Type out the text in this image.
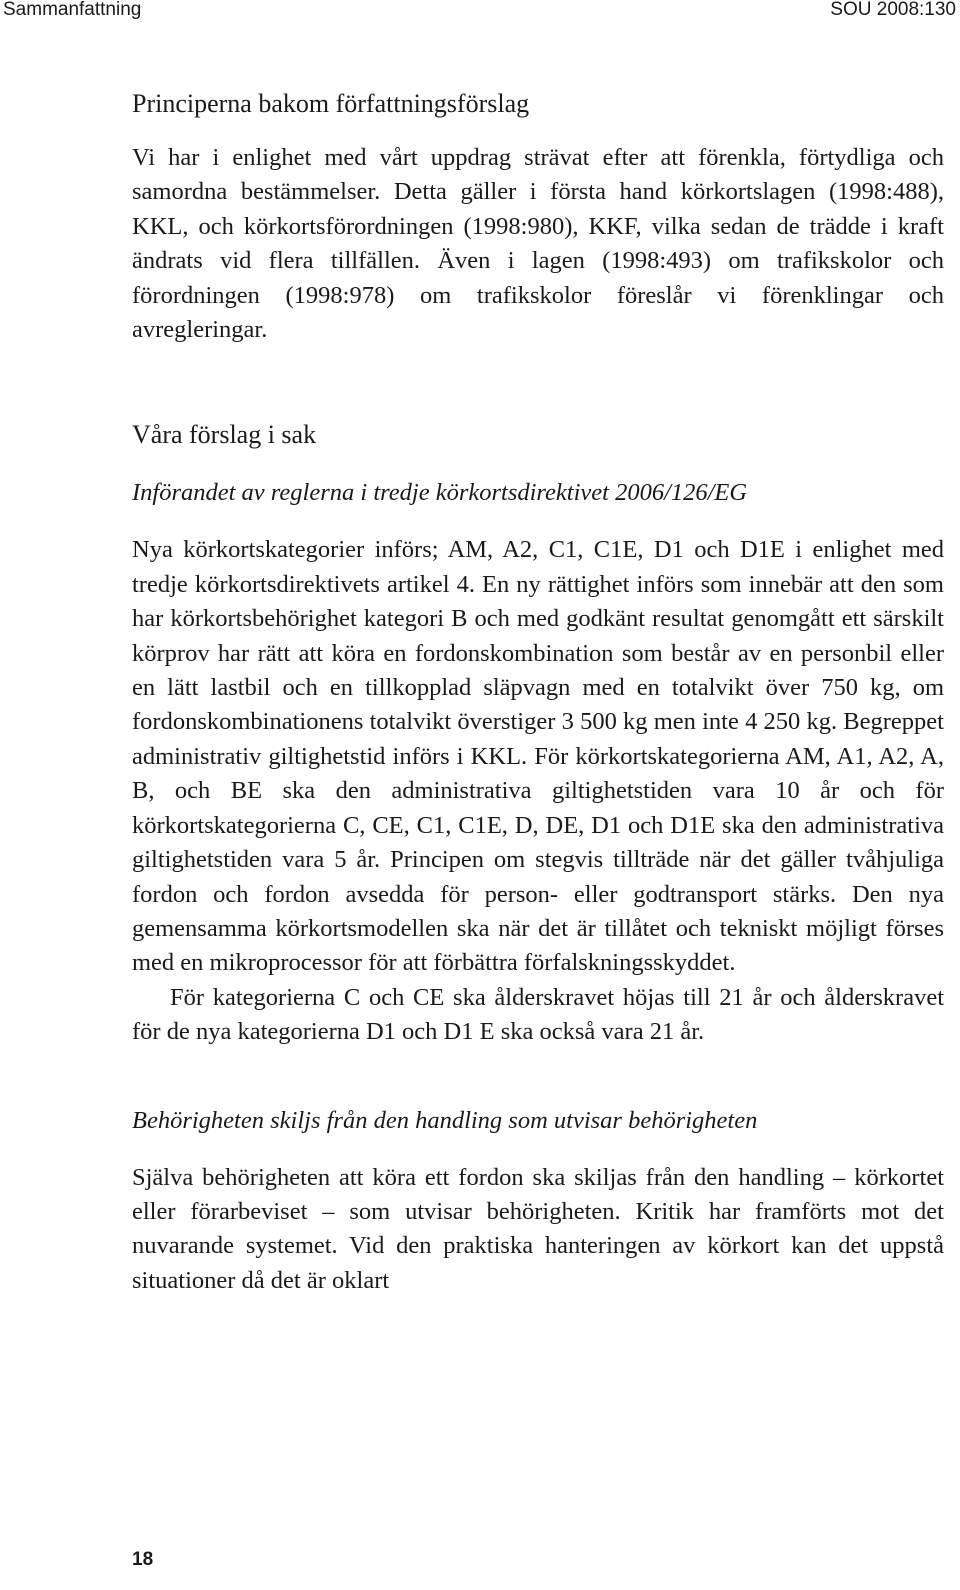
Sammanfattning	SOU 2008:130
Principerna bakom författningsförslag

Vi har i enlighet med vårt uppdrag strävat efter att förenkla, förtydliga och samordna bestämmelser. Detta gäller i första hand körkortslagen (1998:488), KKL, och körkortsförordningen (1998:980), KKF, vilka sedan de trädde i kraft ändrats vid flera tillfällen. Även i lagen (1998:493) om trafikskolor och förordningen (1998:978) om trafikskolor föreslår vi förenklingar och avregleringar.

Våra förslag i sak
Införandet av reglerna i tredje körkortsdirektivet 2006/126/EG

Nya körkortskategorier införs; AM, A2, C1, C1E, D1 och D1E i enlighet med tredje körkortsdirektivets artikel 4. En ny rättighet införs som innebär att den som har körkortsbehörighet kategori B och med godkänt resultat genomgått ett särskilt körprov har rätt att köra en fordonskombination som består av en personbil eller en lätt lastbil och en tillkopplad släpvagn med en totalvikt över 750 kg, om fordonskombinationens totalvikt överstiger 3 500 kg men inte 4 250 kg. Begreppet administrativ giltighetstid införs i KKL. För körkortskategorierna AM, A1, A2, A, B, och BE ska den administrativa giltighetstiden vara 10 år och för körkortskategorierna C, CE, C1, C1E, D, DE, D1 och D1E ska den administrativa giltighetstiden vara 5 år. Principen om stegvis tillträde när det gäller tvåhjuliga fordon och fordon avsedda för person- eller godtransport stärks. Den nya gemensamma körkortsmodellen ska när det är tillåtet och tekniskt möjligt förses med en mikroprocessor för att förbättra förfalskningsskyddet.

För kategorierna C och CE ska ålderskravet höjas till 21 år och ålderskravet för de nya kategorierna D1 och D1 E ska också vara 21 år.

Behörigheten skiljs från den handling som utvisar behörigheten

Själva behörigheten att köra ett fordon ska skiljas från den handling – körkortet eller förarbeviset – som utvisar behörigheten. Kritik har framförts mot det nuvarande systemet. Vid den praktiska hanteringen av körkort kan det uppstå situationer då det är oklart

18
